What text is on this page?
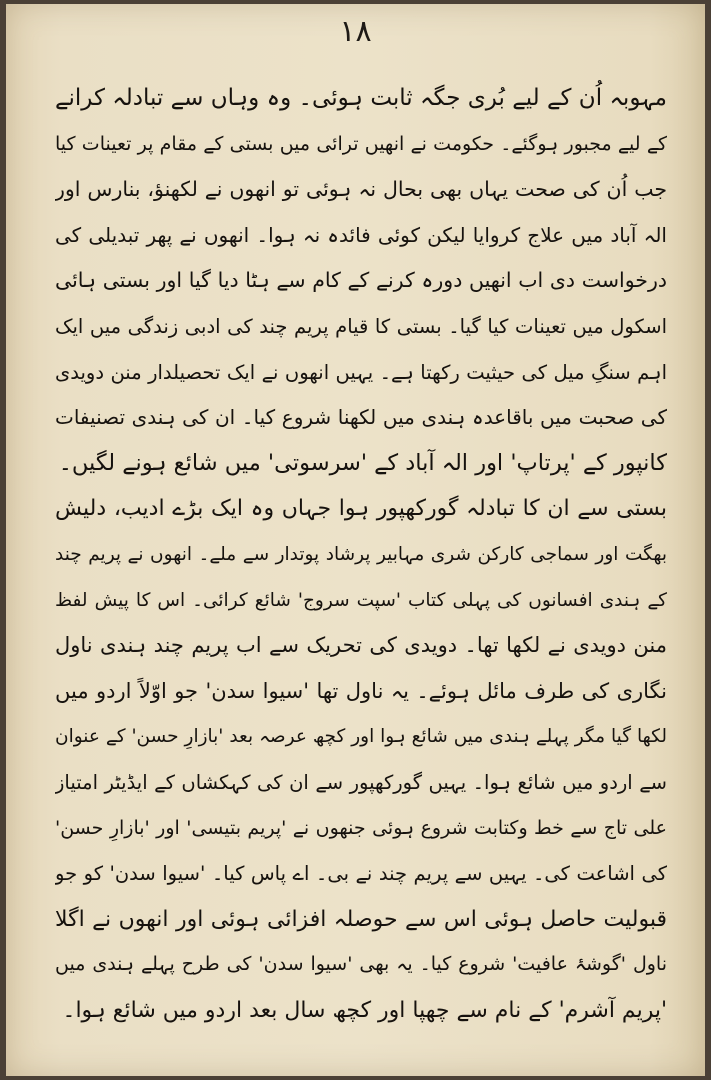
۱۸
مہوبہ اُن کے لیے بُری جگہ ثابت ہوئی۔ وہ وہاں سے تبادلہ کرانے
کے لیے مجبور ہوگئے۔ حکومت نے انھیں ترائی میں بستی کے مقام پر تعینات کیا
جب اُن کی صحت یہاں بھی بحال نہ ہوئی تو انھوں نے لکھنؤ، بنارس اور
الہ آباد میں علاج کروایا لیکن کوئی فائدہ نہ ہوا۔ انھوں نے پھر تبدیلی کی
درخواست دی اب انھیں دورہ کرنے کے کام سے ہٹا دیا گیا اور بستی ہائی
اسکول میں تعینات کیا گیا۔ بستی کا قیام پریم چند کی ادبی زندگی میں ایک
اہم سنگِ میل کی حیثیت رکھتا ہے۔ یہیں انھوں نے ایک تحصیلدار منن دویدی
کی صحبت میں باقاعدہ ہندی میں لکھنا شروع کیا۔ ان کی ہندی تصنیفات
کانپور کے 'پرتاپ' اور الہ آباد کے 'سرسوتی' میں شائع ہونے لگیں۔
بستی سے ان کا تبادلہ گورکھپور ہوا جہاں وہ ایک بڑے ادیب، دلیش
بھگت اور سماجی کارکن شری مہابیر پرشاد پوتدار سے ملے۔ انھوں نے پریم چند
کے ہندی افسانوں کی پہلی کتاب 'سپت سروج' شائع کرائی۔ اس کا پیش لفظ
منن دویدی نے لکھا تھا۔ دویدی کی تحریک سے اب پریم چند ہندی ناول
نگاری کی طرف مائل ہوئے۔ یہ ناول تھا 'سیوا سدن' جو اوّلاً اردو میں
لکھا گیا مگر پہلے ہندی میں شائع ہوا اور کچھ عرصہ بعد 'بازارِ حسن' کے عنوان
سے اردو میں شائع ہوا۔ یہیں گورکھپور سے ان کی کہکشاں کے ایڈیٹر امتیاز
علی تاج سے خط وکتابت شروع ہوئی جنھوں نے 'پریم بتیسی' اور 'بازارِ حسن'
کی اشاعت کی۔ یہیں سے پریم چند نے بی۔ اے پاس کیا۔ 'سیوا سدن' کو جو
قبولیت حاصل ہوئی اس سے حوصلہ افزائی ہوئی اور انھوں نے اگلا
ناول 'گوشۂ عافیت' شروع کیا۔ یہ بھی 'سیوا سدن' کی طرح پہلے ہندی میں
'پریم آشرم' کے نام سے چھپا اور کچھ سال بعد اردو میں شائع ہوا۔
